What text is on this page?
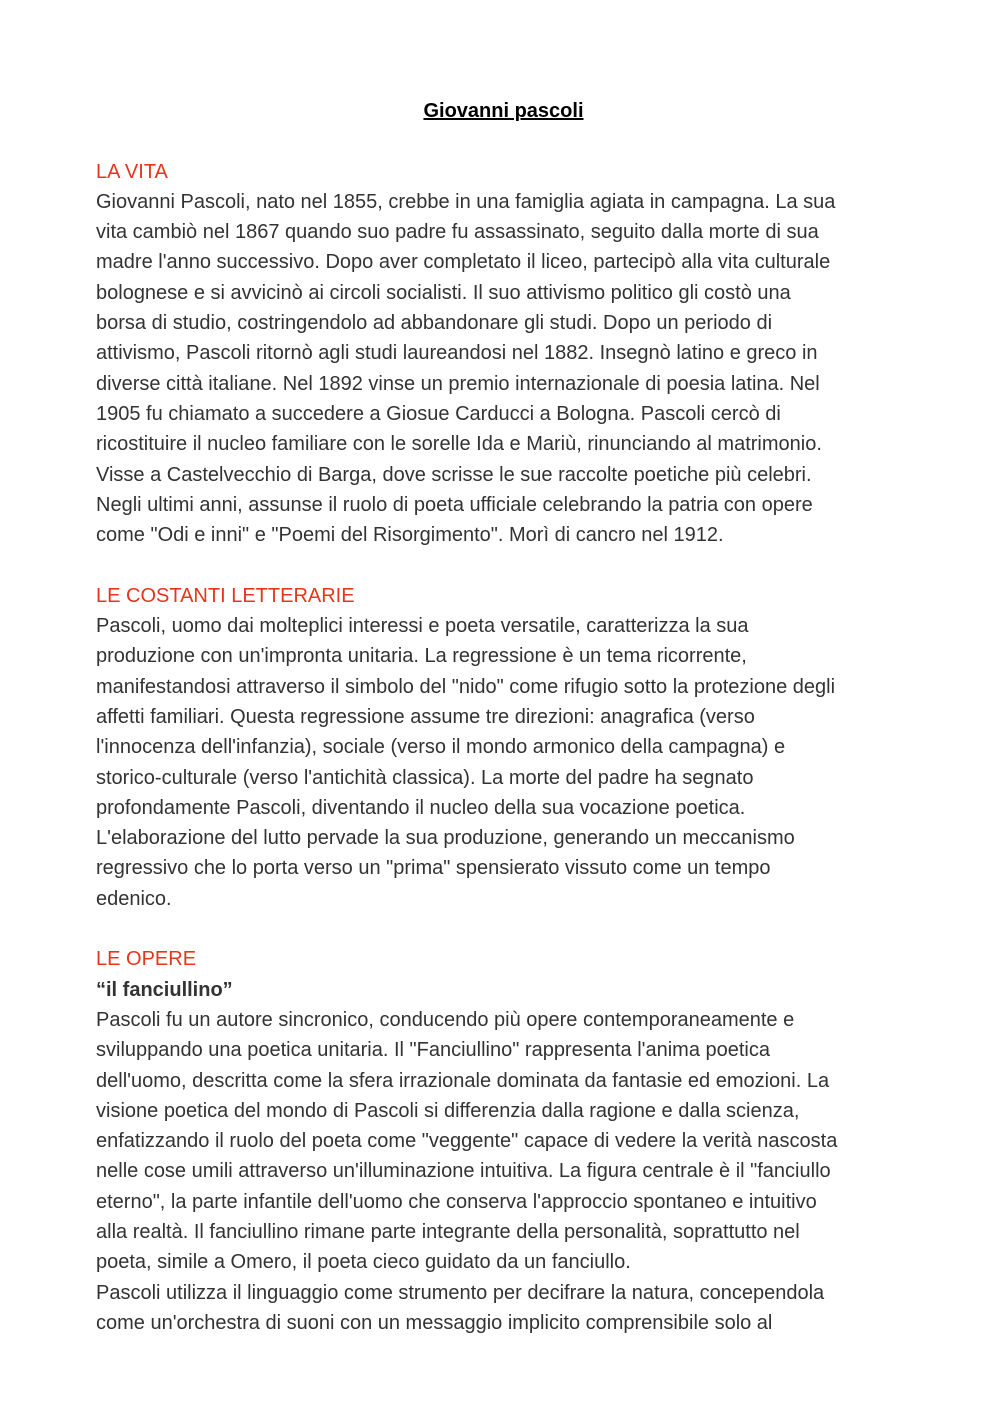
Giovanni pascoli
LA VITA

Giovanni Pascoli, nato nel 1855, crebbe in una famiglia agiata in campagna. La sua
vita cambiò nel 1867 quando suo padre fu assassinato, seguito dalla morte di sua
madre l'anno successivo. Dopo aver completato il liceo, partecipò alla vita culturale
bolognese e si avvicinò ai circoli socialisti. Il suo attivismo politico gli costò una
borsa di studio, costringendolo ad abbandonare gli studi. Dopo un periodo di
attivismo, Pascoli ritornò agli studi laureandosi nel 1882. Insegnò latino e greco in
diverse città italiane. Nel 1892 vinse un premio internazionale di poesia latina. Nel
1905 fu chiamato a succedere a Giosue Carducci a Bologna. Pascoli cercò di
ricostituire il nucleo familiare con le sorelle Ida e Mariù, rinunciando al matrimonio.
Visse a Castelvecchio di Barga, dove scrisse le sue raccolte poetiche più celebri.
Negli ultimi anni, assunse il ruolo di poeta ufficiale celebrando la patria con opere
come "Odi e inni" e "Poemi del Risorgimento". Morì di cancro nel 1912.

LE COSTANTI LETTERARIE

Pascoli, uomo dai molteplici interessi e poeta versatile, caratterizza la sua
produzione con un'impronta unitaria. La regressione è un tema ricorrente,
manifestandosi attraverso il simbolo del "nido" come rifugio sotto la protezione degli
affetti familiari. Questa regressione assume tre direzioni: anagrafica (verso
l'innocenza dell'infanzia), sociale (verso il mondo armonico della campagna) e
storico-culturale (verso l'antichità classica). La morte del padre ha segnato
profondamente Pascoli, diventando il nucleo della sua vocazione poetica.
L'elaborazione del lutto pervade la sua produzione, generando un meccanismo
regressivo che lo porta verso un "prima" spensierato vissuto come un tempo
edenico.

LE OPERE
“il fanciullino”

Pascoli fu un autore sincronico, conducendo più opere contemporaneamente e
sviluppando una poetica unitaria. Il "Fanciullino" rappresenta l'anima poetica
dell'uomo, descritta come la sfera irrazionale dominata da fantasie ed emozioni. La
visione poetica del mondo di Pascoli si differenzia dalla ragione e dalla scienza,
enfatizzando il ruolo del poeta come "veggente" capace di vedere la verità nascosta
nelle cose umili attraverso un'illuminazione intuitiva. La figura centrale è il "fanciullo
eterno", la parte infantile dell'uomo che conserva l'approccio spontaneo e intuitivo
alla realtà. Il fanciullino rimane parte integrante della personalità, soprattutto nel
poeta, simile a Omero, il poeta cieco guidato da un fanciullo.
Pascoli utilizza il linguaggio come strumento per decifrare la natura, concependola
come un'orchestra di suoni con un messaggio implicito comprensibile solo al
